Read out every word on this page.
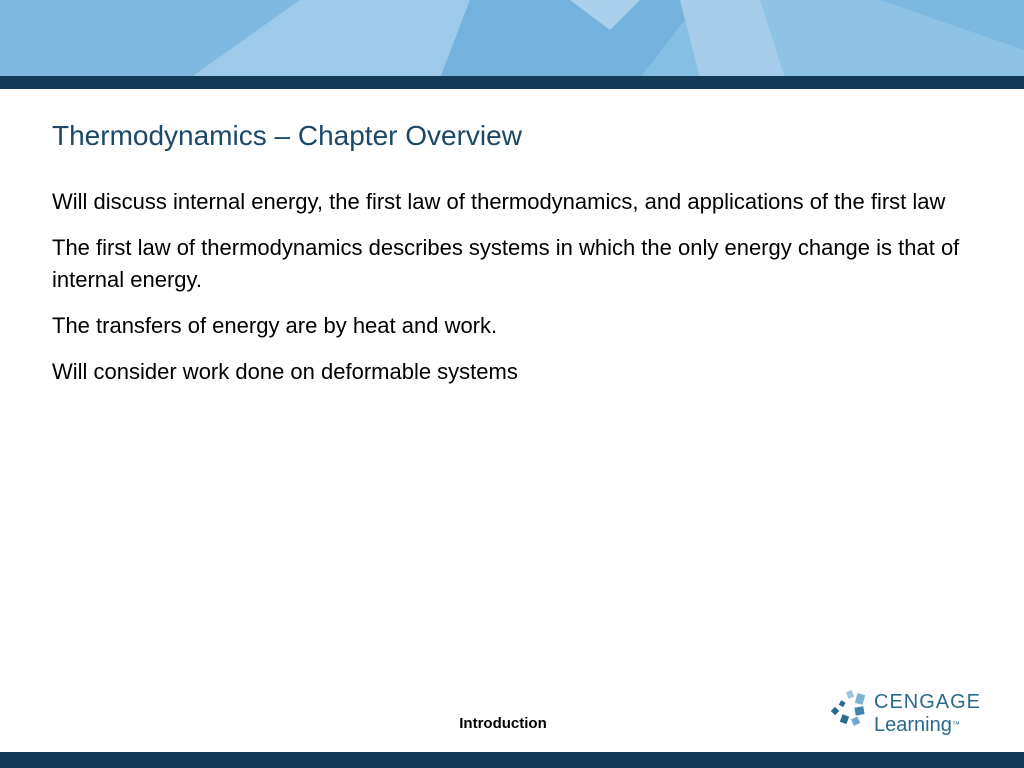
Thermodynamics – Chapter Overview

Will discuss internal energy, the first law of thermodynamics, and applications of the first law

The first law of thermodynamics describes systems in which the only energy change is that of internal energy.

The transfers of energy are by heat and work.

Will consider work done on deformable systems

Introduction
CENGAGE
Learning™
